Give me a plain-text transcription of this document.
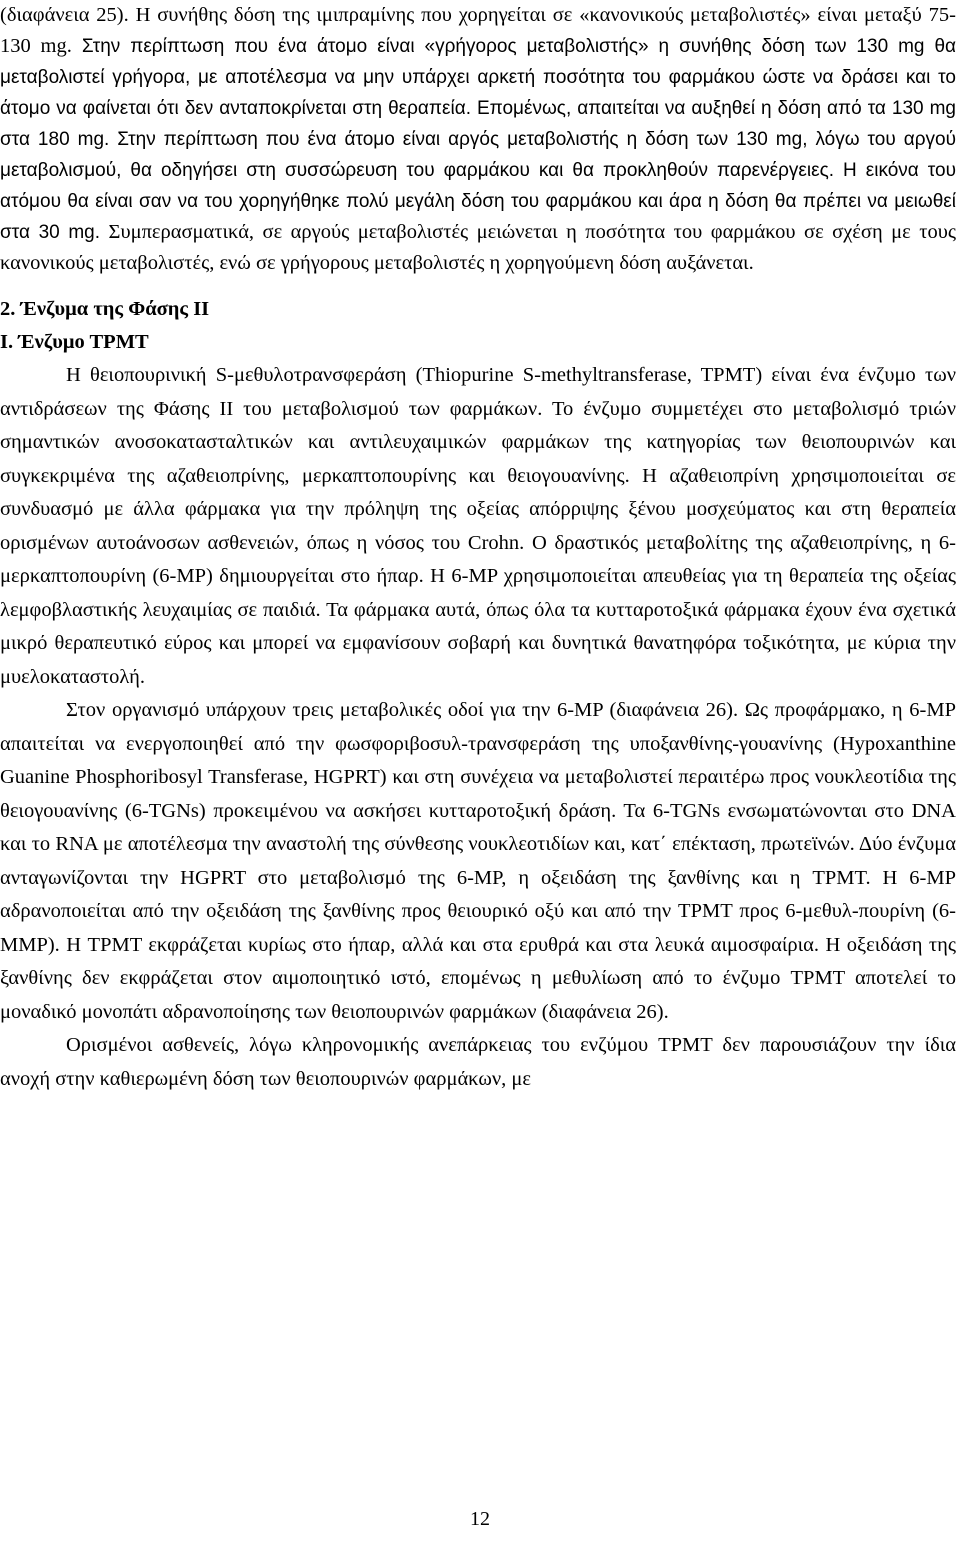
(διαφάνεια 25). Η συνήθης δόση της ιμιπραμίνης που χορηγείται σε «κανονικούς μεταβολιστές» είναι μεταξύ 75-130 mg. Στην περίπτωση που ένα άτομο είναι «γρήγορος μεταβολιστής» η συνήθης δόση των 130 mg θα μεταβολιστεί γρήγορα, με αποτέλεσμα να μην υπάρχει αρκετή ποσότητα του φαρμάκου ώστε να δράσει και το άτομο να φαίνεται ότι δεν ανταποκρίνεται στη θεραπεία. Επομένως, απαιτείται να αυξηθεί η δόση από τα 130 mg στα 180 mg. Στην περίπτωση που ένα άτομο είναι αργός μεταβολιστής η δόση των 130 mg, λόγω του αργού μεταβολισμού, θα οδηγήσει στη συσσώρευση του φαρμάκου και θα προκληθούν παρενέργειες. Η εικόνα του ατόμου θα είναι σαν να του χορηγήθηκε πολύ μεγάλη δόση του φαρμάκου και άρα η δόση θα πρέπει να μειωθεί στα 30 mg. Συμπερασματικά, σε αργούς μεταβολιστές μειώνεται η ποσότητα του φαρμάκου σε σχέση με τους κανονικούς μεταβολιστές, ενώ σε γρήγορους μεταβολιστές η χορηγούμενη δόση αυξάνεται.

2. Ένζυμα της Φάσης ΙΙ
Ι. Ένζυμο ΤΡΜΤ

Η θειοπουρινική S-μεθυλοτρανσφεράση (Thiopurine S-methyltransferase, TPMT) είναι ένα ένζυμο των αντιδράσεων της Φάσης ΙΙ του μεταβολισμού των φαρμάκων. Το ένζυμο συμμετέχει στο μεταβολισμό τριών σημαντικών ανοσοκατασταλτικών και αντιλευχαιμικών φαρμάκων της κατηγορίας των θειοπουρινών και συγκεκριμένα της αζαθειοπρίνης, μερκαπτοπουρίνης και θειογουανίνης. Η αζαθειοπρίνη χρησιμοποιείται σε συνδυασμό με άλλα φάρμακα για την πρόληψη της οξείας απόρριψης ξένου μοσχεύματος και στη θεραπεία ορισμένων αυτοάνοσων ασθενειών, όπως η νόσος του Crohn. Ο δραστικός μεταβολίτης της αζαθειοπρίνης, η 6-μερκαπτοπουρίνη (6-MP) δημιουργείται στο ήπαρ. Η 6-MP χρησιμοποιείται απευθείας για τη θεραπεία της οξείας λεμφοβλαστικής λευχαιμίας σε παιδιά. Τα φάρμακα αυτά, όπως όλα τα κυτταροτοξικά φάρμακα έχουν ένα σχετικά μικρό θεραπευτικό εύρος και μπορεί να εμφανίσουν σοβαρή και δυνητικά θανατηφόρα τοξικότητα, με κύρια την μυελοκαταστολή.

Στον οργανισμό υπάρχουν τρεις μεταβολικές οδοί για την 6-MP (διαφάνεια 26). Ως προφάρμακο, η 6-MP απαιτείται να ενεργοποιηθεί από την φωσφοριβοσυλ-τρανσφεράση της υποξανθίνης-γουανίνης (Hypoxanthine Guanine Phosphoribosyl Transferase, HGPRT) και στη συνέχεια να μεταβολιστεί περαιτέρω προς νουκλεοτίδια της θειογουανίνης (6-TGNs) προκειμένου να ασκήσει κυτταροτοξική δράση. Τα 6-TGNs ενσωματώνονται στο DNA και το RNA με αποτέλεσμα την αναστολή της σύνθεσης νουκλεοτιδίων και, κατ΄ επέκταση, πρωτεϊνών. Δύο ένζυμα ανταγωνίζονται την HGPRT στο μεταβολισμό της 6-MP, η οξειδάση της ξανθίνης και η TPMT. Η 6-MP αδρανοποιείται από την οξειδάση της ξανθίνης προς θειουρικό οξύ και από την TPMT προς 6-μεθυλ-πουρίνη (6-MMP). Η TPMT εκφράζεται κυρίως στο ήπαρ, αλλά και στα ερυθρά και στα λευκά αιμοσφαίρια. Η οξειδάση της ξανθίνης δεν εκφράζεται στον αιμοποιητικό ιστό, επομένως η μεθυλίωση από το ένζυμο TPMT αποτελεί το μοναδικό μονοπάτι αδρανοποίησης των θειοπουρινών φαρμάκων (διαφάνεια 26).

Ορισμένοι ασθενείς, λόγω κληρονομικής ανεπάρκειας του ενζύμου TPMT δεν παρουσιάζουν την ίδια ανοχή στην καθιερωμένη δόση των θειοπουρινών φαρμάκων, με

12
